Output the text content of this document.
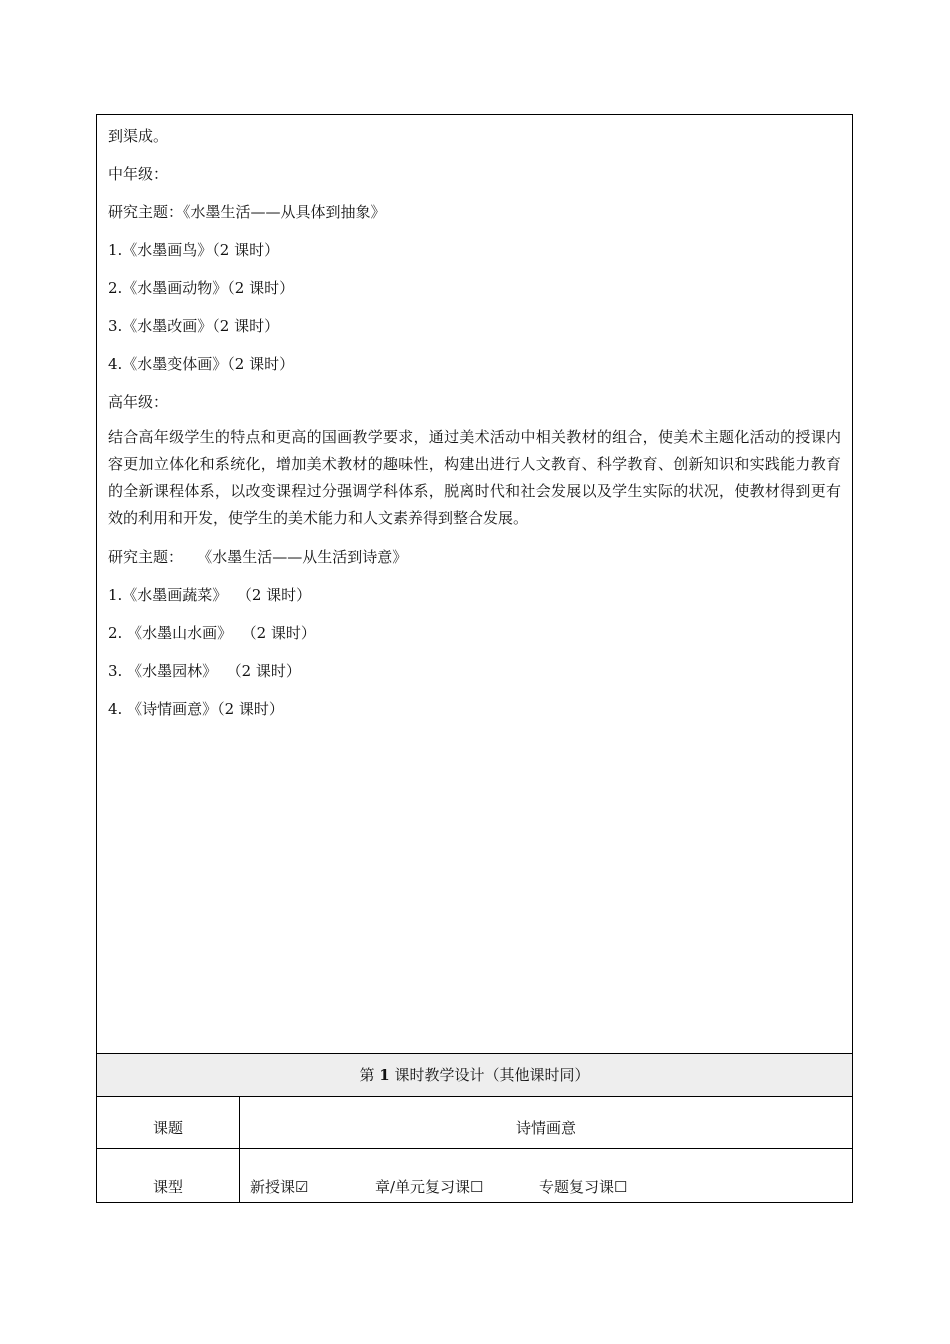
到渠成。
中年级：
研究主题：《水墨生活——从具体到抽象》
1.《水墨画鸟》（2 课时）
2.《水墨画动物》（2 课时）
3.《水墨改画》（2 课时）
4.《水墨变体画》（2 课时）
高年级：
结合高年级学生的特点和更高的国画教学要求，通过美术活动中相关教材的组合，使美术主题化活动的授课内容更加立体化和系统化，增加美术教材的趣味性，构建出进行人文教育、科学教育、创新知识和实践能力教育的全新课程体系，以改变课程过分强调学科体系，脱离时代和社会发展以及学生实际的状况，使教材得到更有效的利用和开发，使学生的美术能力和人文素养得到整合发展。
研究主题：   《水墨生活——从生活到诗意》
1.《水墨画蔬菜》  （2 课时）
2. 《水墨山水画》  （2 课时）
3. 《水墨园林》  （2 课时）
4. 《诗情画意》（2 课时）
第 1 课时教学设计（其他课时同）
课题	诗情画意
课型	新授课☑	章/单元复习课☐	专题复习课☐
